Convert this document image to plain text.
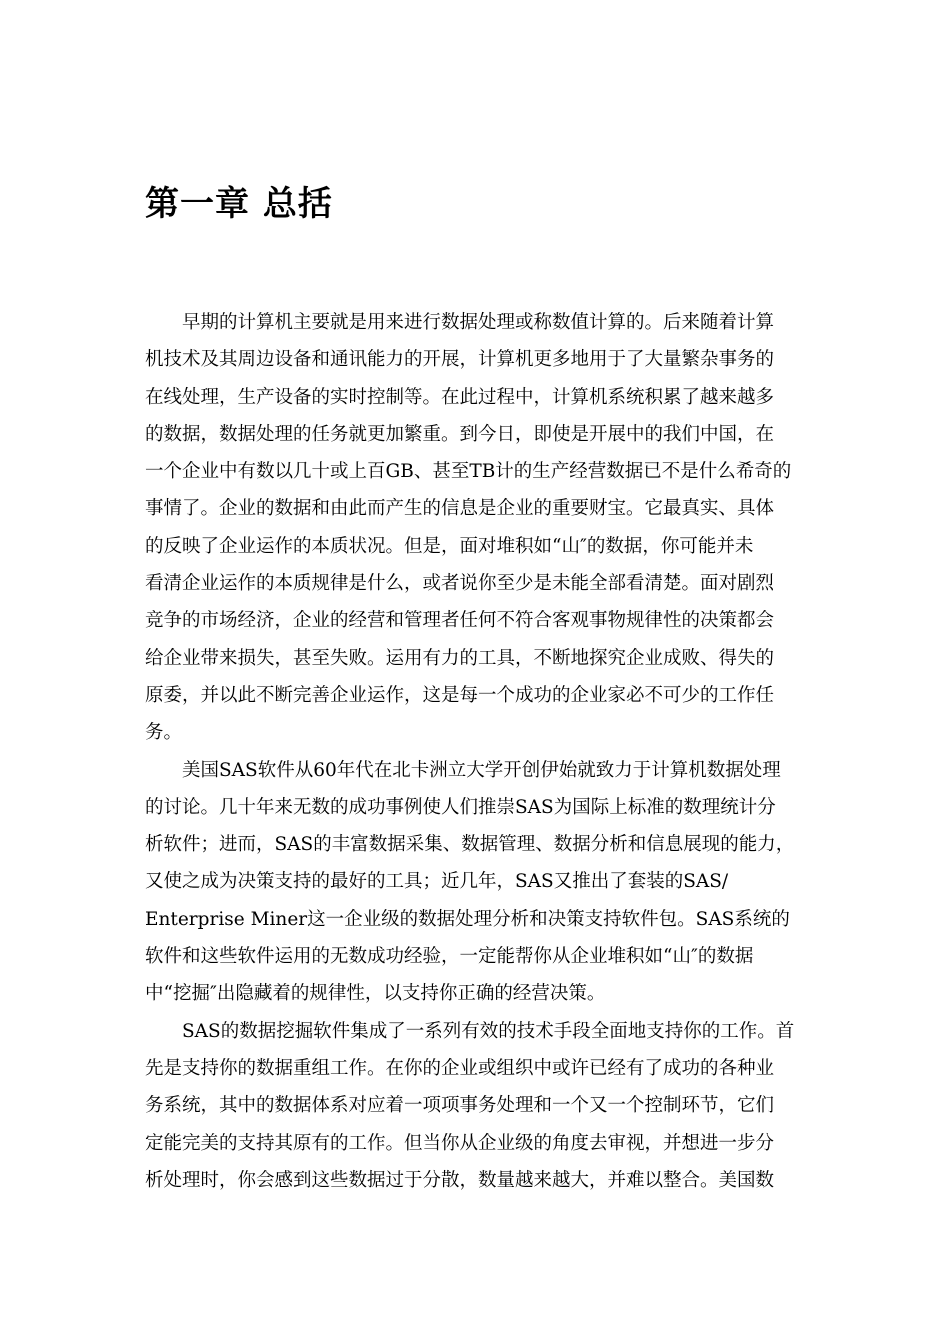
第一章 总括

早期的计算机主要就是用来进行数据处理或称数值计算的。后来随着计算
机技术及其周边设备和通讯能力的开展，计算机更多地用于了大量繁杂事务的
在线处理，生产设备的实时控制等。在此过程中，计算机系统积累了越来越多
的数据，数据处理的任务就更加繁重。到今日，即使是开展中的我们中国，在
一个企业中有数以几十或上百GB、甚至TB计的生产经营数据已不是什么希奇的
事情了。企业的数据和由此而产生的信息是企业的重要财宝。它最真实、具体
的反映了企业运作的本质状况。但是，面对堆积如“山″的数据，你可能并未
看清企业运作的本质规律是什么，或者说你至少是未能全部看清楚。面对剧烈
竞争的市场经济，企业的经营和管理者任何不符合客观事物规律性的决策都会
给企业带来损失，甚至失败。运用有力的工具，不断地探究企业成败、得失的
原委，并以此不断完善企业运作，这是每一个成功的企业家必不可少的工作任
务。

美国SAS软件从60年代在北卡洲立大学开创伊始就致力于计算机数据处理
的讨论。几十年来无数的成功事例使人们推崇SAS为国际上标准的数理统计分
析软件；进而，SAS的丰富数据采集、数据管理、数据分析和信息展现的能力，
又使之成为决策支持的最好的工具；近几年，SAS又推出了套装的SAS/
Enterprise Miner这一企业级的数据处理分析和决策支持软件包。SAS系统的
软件和这些软件运用的无数成功经验，一定能帮你从企业堆积如“山″的数据
中“挖掘″出隐藏着的规律性，以支持你正确的经营决策。

SAS的数据挖掘软件集成了一系列有效的技术手段全面地支持你的工作。首
先是支持你的数据重组工作。在你的企业或组织中或许已经有了成功的各种业
务系统，其中的数据体系对应着一项项事务处理和一个又一个控制环节，它们
定能完美的支持其原有的工作。但当你从企业级的角度去审视，并想进一步分
析处理时，你会感到这些数据过于分散，数量越来越大，并难以整合。美国数
